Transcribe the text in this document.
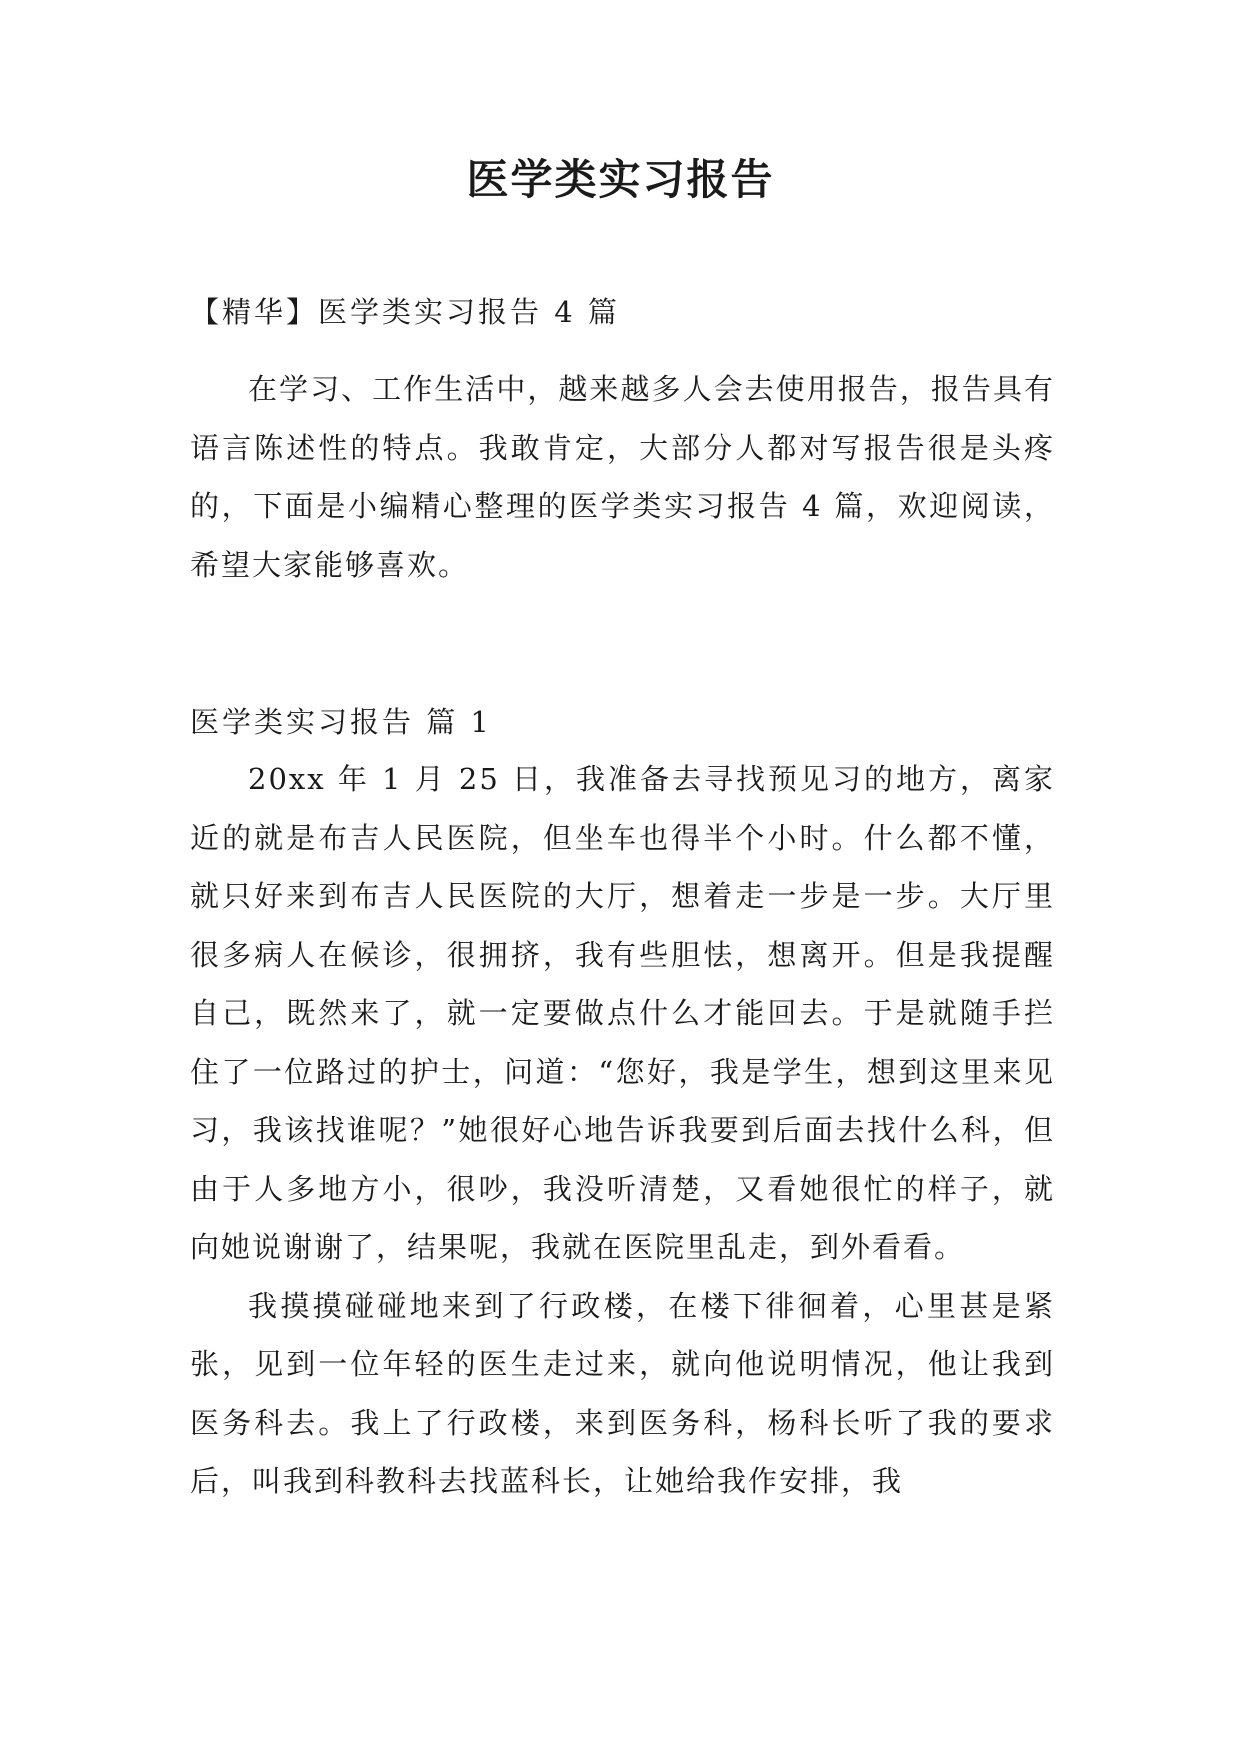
医学类实习报告
【精华】医学类实习报告 4 篇

在学习、工作生活中，越来越多人会去使用报告，报告具有语言陈述性的特点。我敢肯定，大部分人都对写报告很是头疼的，下面是小编精心整理的医学类实习报告 4 篇，欢迎阅读，希望大家能够喜欢。

医学类实习报告 篇 1

20xx 年 1 月 25 日，我准备去寻找预见习的地方，离家近的就是布吉人民医院，但坐车也得半个小时。什么都不懂，就只好来到布吉人民医院的大厅，想着走一步是一步。大厅里很多病人在候诊，很拥挤，我有些胆怯，想离开。但是我提醒自己，既然来了，就一定要做点什么才能回去。于是就随手拦住了一位路过的护士，问道：“您好，我是学生，想到这里来见习，我该找谁呢？”她很好心地告诉我要到后面去找什么科，但由于人多地方小，很吵，我没听清楚，又看她很忙的样子，就向她说谢谢了，结果呢，我就在医院里乱走，到外看看。

我摸摸碰碰地来到了行政楼，在楼下徘徊着，心里甚是紧张，见到一位年轻的医生走过来，就向他说明情况，他让我到医务科去。我上了行政楼，来到医务科，杨科长听了我的要求后，叫我到科教科去找蓝科长，让她给我作安排，我
